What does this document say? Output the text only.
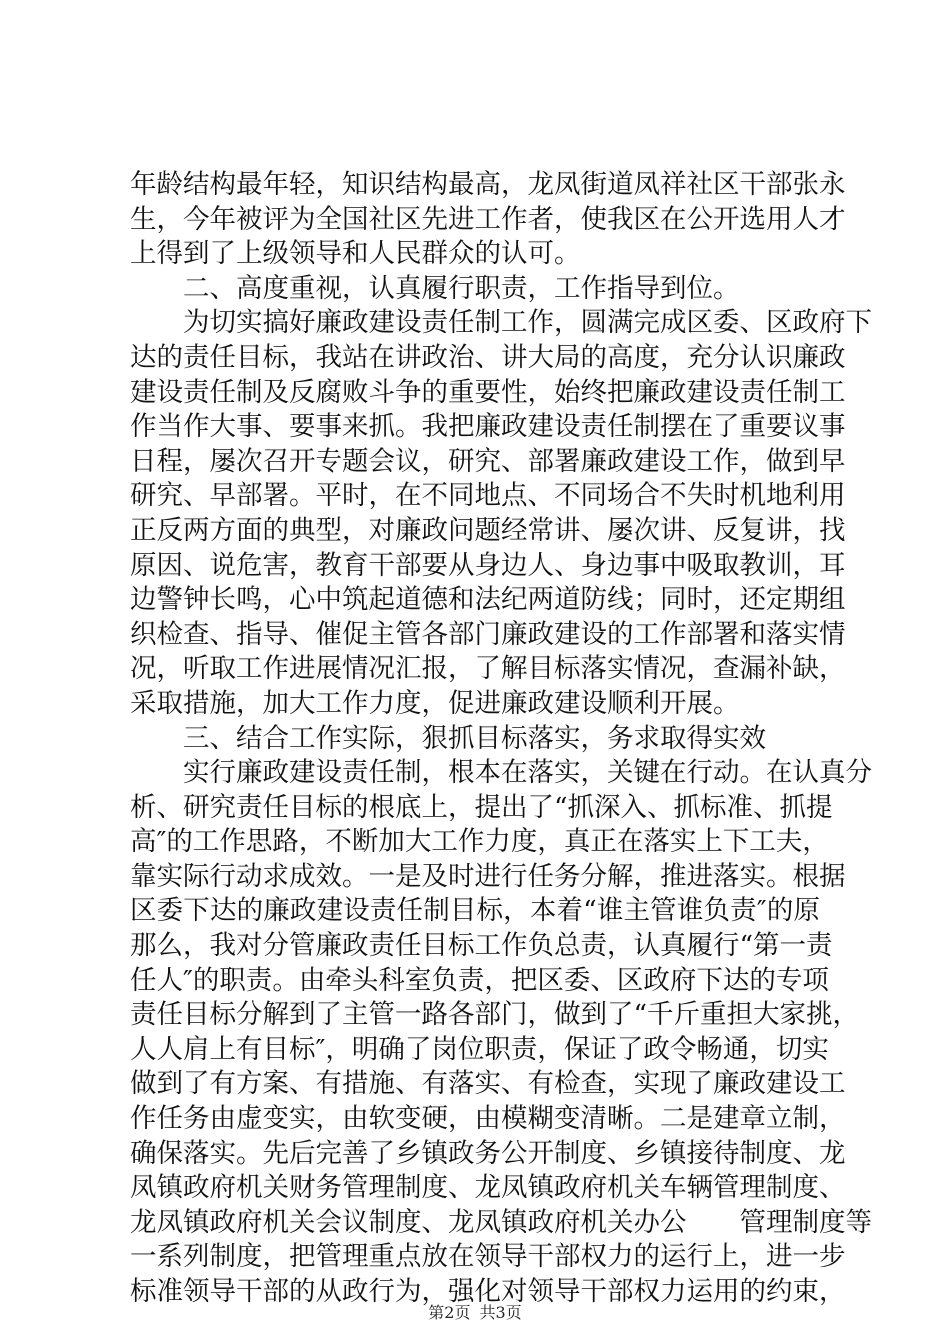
年龄结构最年轻，知识结构最高，龙凤街道凤祥社区干部张永
生，今年被评为全国社区先进工作者，使我区在公开选用人才
上得到了上级领导和人民群众的认可。
　　二、高度重视，认真履行职责，工作指导到位。
　　为切实搞好廉政建设责任制工作，圆满完成区委、区政府下
达的责任目标，我站在讲政治、讲大局的高度，充分认识廉政
建设责任制及反腐败斗争的重要性，始终把廉政建设责任制工
作当作大事、要事来抓。我把廉政建设责任制摆在了重要议事
日程，屡次召开专题会议，研究、部署廉政建设工作，做到早
研究、早部署。平时，在不同地点、不同场合不失时机地利用
正反两方面的典型，对廉政问题经常讲、屡次讲、反复讲，找
原因、说危害，教育干部要从身边人、身边事中吸取教训，耳
边警钟长鸣，心中筑起道德和法纪两道防线；同时，还定期组
织检查、指导、催促主管各部门廉政建设的工作部署和落实情
况，听取工作进展情况汇报，了解目标落实情况，查漏补缺，
采取措施，加大工作力度，促进廉政建设顺利开展。
　　三、结合工作实际，狠抓目标落实，务求取得实效
　　实行廉政建设责任制，根本在落实，关键在行动。在认真分
析、研究责任目标的根底上，提出了“抓深入、抓标准、抓提
高″的工作思路，不断加大工作力度，真正在落实上下工夫，
靠实际行动求成效。一是及时进行任务分解，推进落实。根据
区委下达的廉政建设责任制目标，本着“谁主管谁负责″的原
那么，我对分管廉政责任目标工作负总责，认真履行“第一责
任人″的职责。由牵头科室负责，把区委、区政府下达的专项
责任目标分解到了主管一路各部门，做到了“千斤重担大家挑，
人人肩上有目标″，明确了岗位职责，保证了政令畅通，切实
做到了有方案、有措施、有落实、有检查，实现了廉政建设工
作任务由虚变实，由软变硬，由模糊变清晰。二是建章立制，
确保落实。先后完善了乡镇政务公开制度、乡镇接待制度、龙
凤镇政府机关财务管理制度、龙凤镇政府机关车辆管理制度、
龙凤镇政府机关会议制度、龙凤镇政府机关办公　　管理制度等
一系列制度，把管理重点放在领导干部权力的运行上，进一步
标准领导干部的从政行为，强化对领导干部权力运用的约束，
第2页 共3页
